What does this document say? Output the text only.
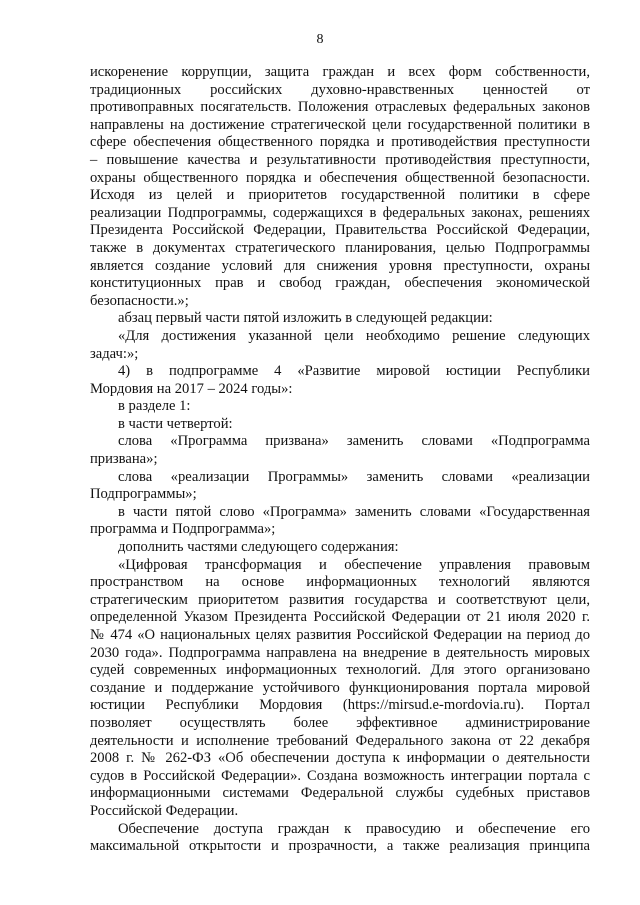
8
искоренение коррупции, защита граждан и всех форм собственности,
традиционных российских духовно-нравственных ценностей от
противоправных посягательств. Положения отраслевых федеральных законов
направлены на достижение стратегической цели государственной политики в
сфере обеспечения общественного порядка и противодействия преступности
– повышение качества и результативности противодействия преступности,
охраны общественного порядка и обеспечения общественной безопасности.
Исходя из целей и приоритетов государственной политики в сфере
реализации Подпрограммы, содержащихся в федеральных законах, решениях
Президента Российской Федерации, Правительства Российской Федерации,
также в документах стратегического планирования, целью Подпрограммы
является создание условий для снижения уровня преступности, охраны
конституционных прав и свобод граждан, обеспечения экономической
безопасности.»;
абзац первый части пятой изложить в следующей редакции:
«Для достижения указанной цели необходимо решение следующих
задач:»;
4) в подпрограмме 4 «Развитие мировой юстиции Республики
Мордовия на 2017 – 2024 годы»:
в разделе 1:
в части четвертой:
слова «Программа призвана» заменить словами «Подпрограмма
призвана»;
слова «реализации Программы» заменить словами «реализации
Подпрограммы»;
в части пятой слово «Программа» заменить словами «Государственная
программа и Подпрограмма»;
дополнить частями следующего содержания:
«Цифровая трансформация и обеспечение управления правовым
пространством на основе информационных технологий являются
стратегическим приоритетом развития государства и соответствуют цели,
определенной Указом Президента Российской Федерации от 21 июля 2020 г.
№ 474 «О национальных целях развития Российской Федерации на период до
2030 года». Подпрограмма направлена на внедрение в деятельность мировых
судей современных информационных технологий. Для этого организовано
создание и поддержание устойчивого функционирования портала мировой
юстиции Республики Мордовия (https://mirsud.e-mordovia.ru). Портал
позволяет осуществлять более эффективное администрирование
деятельности и исполнение требований Федерального закона от 22 декабря
2008 г. № 262-ФЗ «Об обеспечении доступа к информации о деятельности
судов в Российской Федерации». Создана возможность интеграции портала с
информационными системами Федеральной службы судебных приставов
Российской Федерации.
Обеспечение доступа граждан к правосудию и обеспечение его
максимальной открытости и прозрачности, а также реализация принципа
